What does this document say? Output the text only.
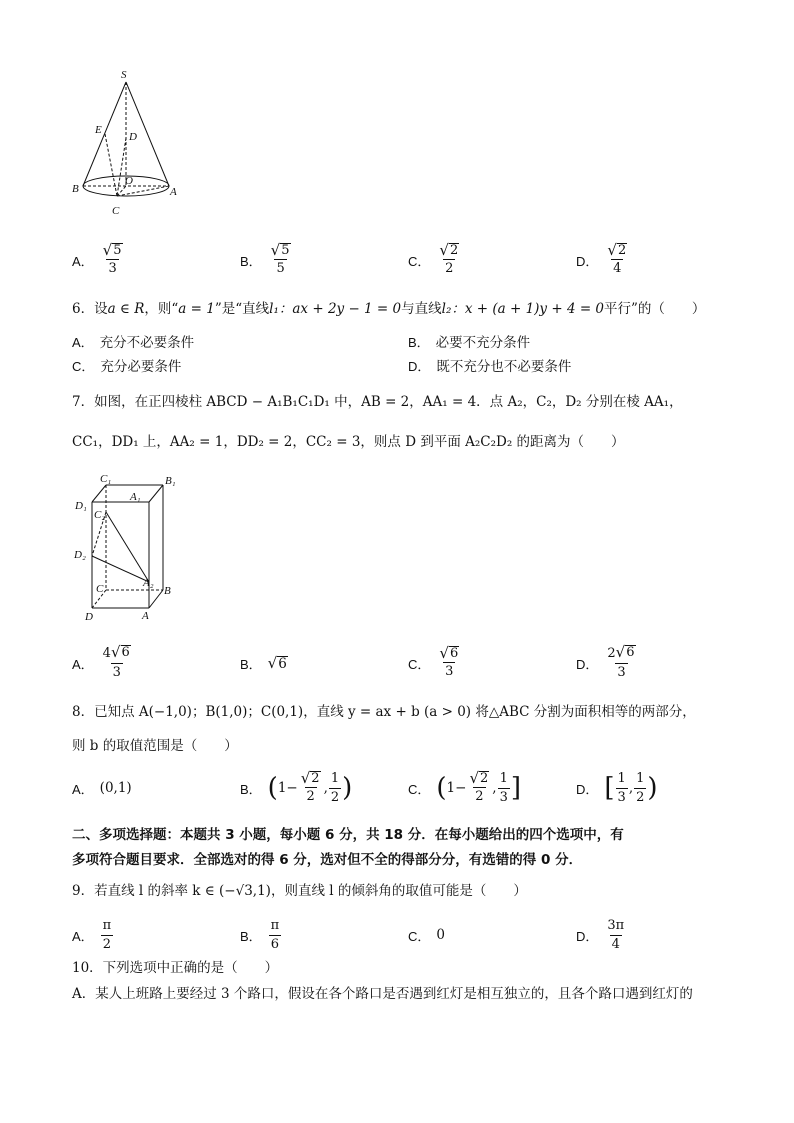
S
E
D
O
A
B
C
A． $\frac{√ 5}{3}$	B． $\frac{√ 5}{5}$	C． $\frac{√ 2}{2}$	D． $\frac{√ 2}{4}$
6．设a ∈ R，则“a = 1”是“直线l₁：ax + 2y − 1 = 0与直线l₂：x + (a + 1)y + 4 = 0平行”的（　　）
A． 充分不必要条件	B． 必要不充分条件
C． 充分必要条件	D． 既不充分也不必要条件
7．如图，在正四棱柱 ABCD − A₁B₁C₁D₁ 中，AB = 2，AA₁ = 4．点 A₂，C₂，D₂ 分别在棱 AA₁，
CC₁，DD₁ 上，AA₂ = 1，DD₂ = 2，CC₂ = 3，则点 D 到平面 A₂C₂D₂ 的距离为（　　）
C₁	B₁
A₁
D₁
C₂
D₂
C	A₂
B
D	A
A． $\frac{4 √ 6}{3}$	B． √ 6	C． $\frac{√ 6}{3}$	D． $\frac{2 √ 6}{3}$
8．已知点 A(−1,0)；B(1,0)；C(0,1)，直线 y = ax + b (a > 0) 将△ABC 分割为面积相等的两部分，
则 b 的取值范围是（　　）
A． (0,1)	B． ( $1- \frac{√ 2}{2}$ , $\frac{1}{2}$ )	C． ( $1- \frac{√ 2}{2}$ , $\frac{1}{3}$ ]	D． [ $\frac{1}{3}$ , $\frac{1}{2}$ )
二、多项选择题：本题共 3 小题，每小题 6 分，共 18 分．在每小题给出的四个选项中，有
多项符合题目要求．全部选对的得 6 分，选对但不全的得部分分，有选错的得 0 分．
9．若直线 l 的斜率 k ∈ (−√3,1)，则直线 l 的倾斜角的取值可能是（　　）
A． $\frac{\pi}{2}$	B． $\frac{\pi}{6}$	C． 0	D． $\frac{3\pi}{4}$
10．下列选项中正确的是（　　）
A．某人上班路上要经过 3 个路口，假设在各个路口是否遇到红灯是相互独立的，且各个路口遇到红灯的
